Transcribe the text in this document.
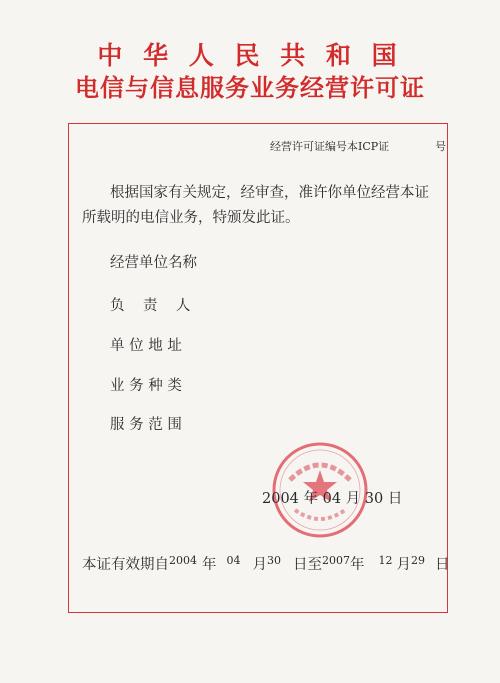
中 华 人 民 共 和 国
电信与信息服务业务经营许可证
经营许可证编号本ICP证	号
根据国家有关规定，经审查，准许你单位经营本证
所载明的电信业务，特颁发此证。
经营单位名称
负    责    人
单 位 地 址
业 务 种 类
服 务 范 围
2004 年 04 月 30 日
本证有效期自$^{2004}$ 年 $^{04}$ 月$^{30}$ 日至$^{2007}$年 $^{12}$ 月$^{29}$ 日
